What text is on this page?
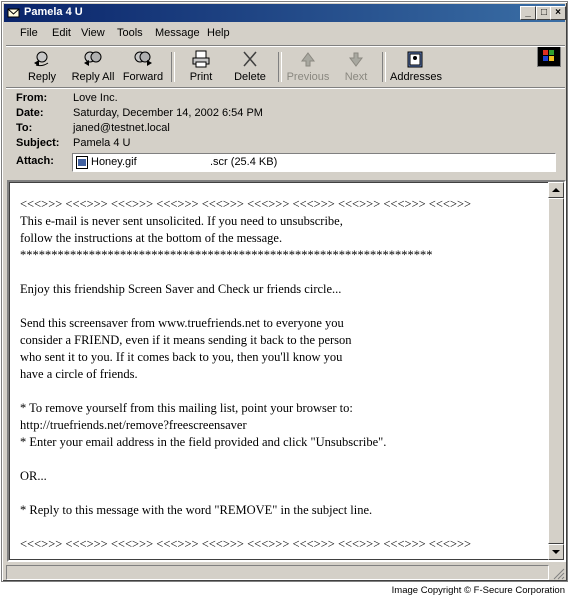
Pamela 4 U	_	□ ×
File Edit View Tools Message Help
Reply	Reply All Forward	Print	Delete Previous	Next	Addresses
From: Love Inc.
Date:	Saturday, December 14, 2002 6:54 PM
To:	janed@testnet.local
Subject: Pamela 4 U
Attach:	Honey.gif                        .scr (25.4 KB)
<<<>>> <<<>>> <<<>>> <<<>>> <<<>>> <<<>>> <<<>>> <<<>>> <<<>>> <<<>>>
This e-mail is never sent unsolicited. If you need to unsubscribe,
follow the instructions at the bottom of the message.
******************************************************************

Enjoy this friendship Screen Saver and Check ur friends circle...

Send this screensaver from www.truefriends.net to everyone you
consider a FRIEND, even if it means sending it back to the person
who sent it to you. If it comes back to you, then you'll know you
have a circle of friends.

* To remove yourself from this mailing list, point your browser to:
http://truefriends.net/remove?freescreensaver
* Enter your email address in the field provided and click "Unsubscribe".

OR...

* Reply to this message with the word "REMOVE" in the subject line.

<<<>>> <<<>>> <<<>>> <<<>>> <<<>>> <<<>>> <<<>>> <<<>>> <<<>>> <<<>>>
Image Copyright © F-Secure Corporation
